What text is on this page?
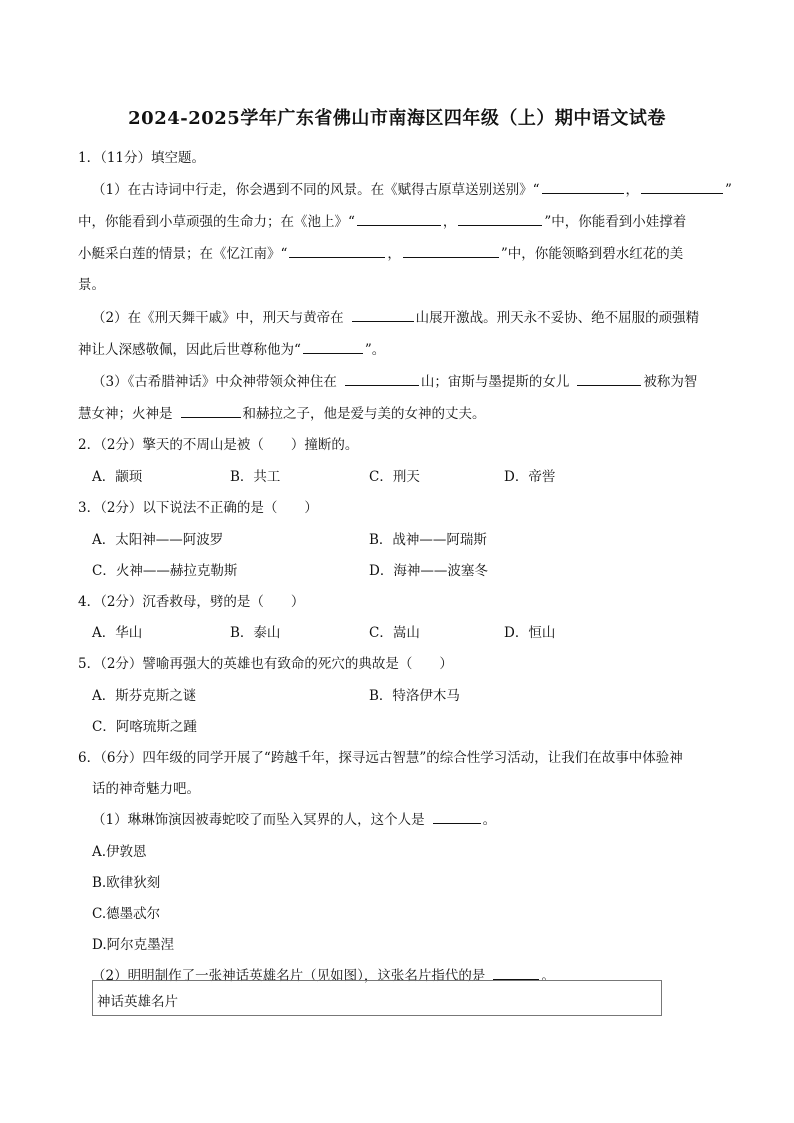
2024-2025学年广东省佛山市南海区四年级（上）期中语文试卷
1．（11分）填空题。
（1）在古诗词中行走，你会遇到不同的风景。在《赋得古原草送别送别》“	，	”
中，你能看到小草顽强的生命力；在《池上》“	，	”中，你能看到小娃撑着
小艇采白莲的情景；在《忆江南》“	，	”中，你能领略到碧水红花的美
景。
（2）在《刑天舞干戚》中，刑天与黄帝在	山展开激战。刑天永不妥协、绝不屈服的顽强精
神让人深感敬佩，因此后世尊称他为“	”。
（3）《古希腊神话》中众神带领众神住在	山；宙斯与墨提斯的女儿	被称为智
慧女神；火神是	和赫拉之子，他是爱与美的女神的丈夫。
2．（2分）擎天的不周山是被（　　）撞断的。
A．颛顼	B．共工	C．刑天	D．帝喾
3．（2分）以下说法不正确的是（　　）
A．太阳神——阿波罗	B．战神——阿瑞斯
C．火神——赫拉克勒斯	D．海神——波塞冬
4．（2分）沉香救母，劈的是（　　）
A．华山	B．泰山	C．嵩山	D．恒山
5．（2分）譬喻再强大的英雄也有致命的死穴的典故是（　　）
A．斯芬克斯之谜	B．特洛伊木马
C．阿喀琉斯之踵
6．（6分）四年级的同学开展了“跨越千年，探寻远古智慧”的综合性学习活动，让我们在故事中体验神
话的神奇魅力吧。
（1）琳琳饰演因被毒蛇咬了而坠入冥界的人，这个人是	。
A.伊敦恩
B.欧律狄刻
C.德墨忒尔
D.阿尔克墨涅
（2）明明制作了一张神话英雄名片（见如图），这张名片指代的是	。
神话英雄名片
